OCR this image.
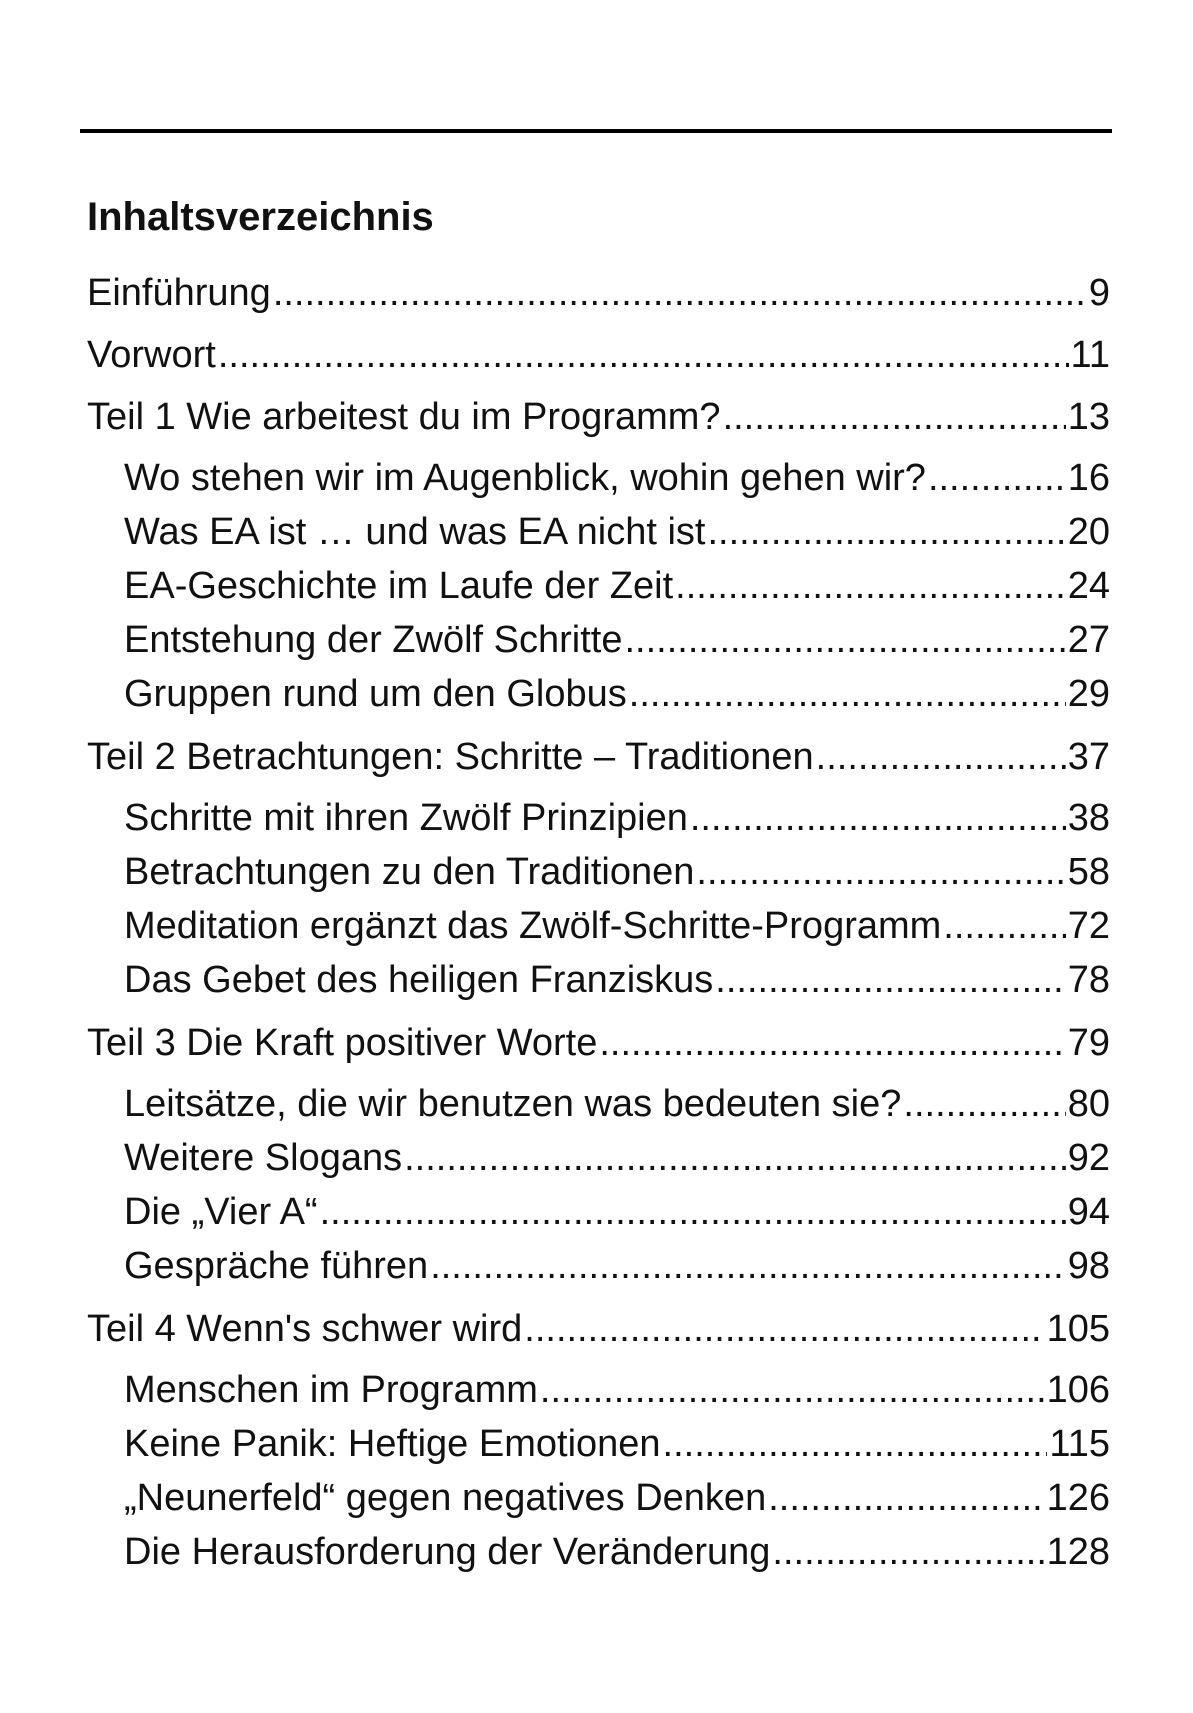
Inhaltsverzeichnis
Einführung .....	9
Vorwort .....	11
Teil 1 Wie arbeitest du im Programm? .....	13
Wo stehen wir im Augenblick, wohin gehen wir? .....	16
Was EA ist … und was EA nicht ist .....	20
EA-Geschichte im Laufe der Zeit .....	24
Entstehung der Zwölf Schritte .....	27
Gruppen rund um den Globus .....	29
Teil 2 Betrachtungen: Schritte – Traditionen .....	37
Schritte mit ihren Zwölf Prinzipien .....	38
Betrachtungen zu den Traditionen .....	58
Meditation ergänzt das Zwölf-Schritte-Programm .....	72
Das Gebet des heiligen Franziskus .....	78
Teil 3 Die Kraft positiver Worte .....	79
Leitsätze, die wir benutzen was bedeuten sie? .....	80
Weitere Slogans .....	92
Die „Vier A“ .....	94
Gespräche führen .....	98
Teil 4 Wenn's schwer wird .....	105
Menschen im Programm .....	106
Keine Panik: Heftige Emotionen .....	115
„Neunerfeld“ gegen negatives Denken .....	126
Die Herausforderung der Veränderung .....	128
